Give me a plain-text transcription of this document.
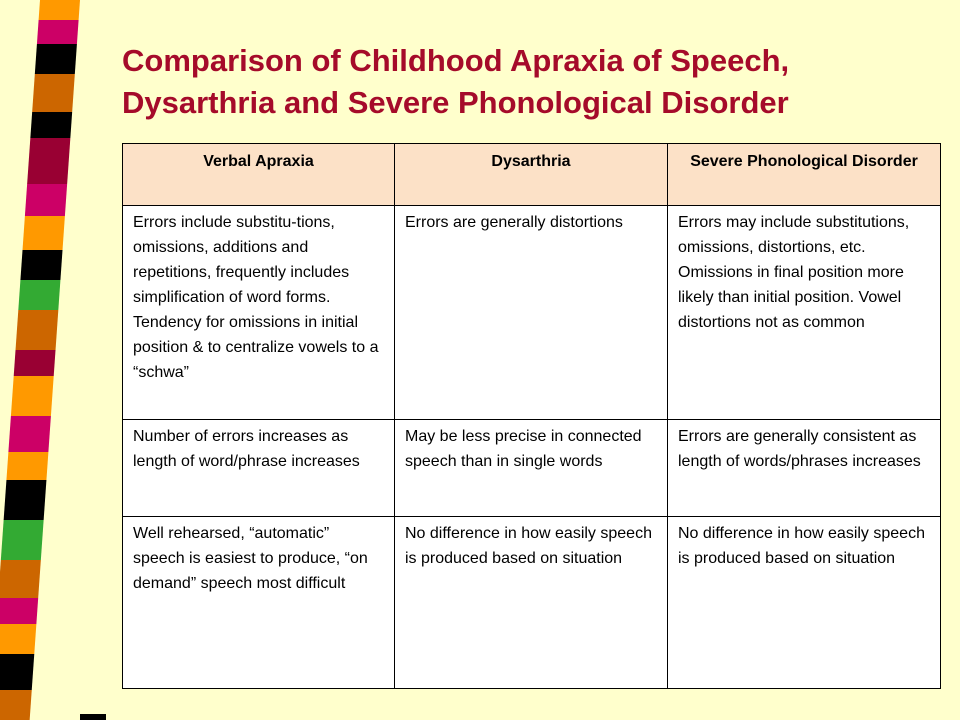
Comparison of Childhood Apraxia of Speech,
Dysarthria and Severe Phonological Disorder
Verbal Apraxia	Dysarthria	Severe Phonological Disorder
Errors include substitu-tions, omissions, additions and repetitions, frequently includes simplification of word forms. Tendency for omissions in initial position & to centralize vowels to a “schwa”	Errors are generally distortions	Errors may include substitutions, omissions, distortions, etc. Omissions in final position more likely than initial position. Vowel distortions not as common
Number of errors increases as length of word/phrase increases	May be less precise in connected speech than in single words	Errors are generally consistent as length of words/phrases increases
Well rehearsed, “automatic” speech is easiest to produce, “on demand” speech most difficult	No difference in how easily speech is produced based on situation	No difference in how easily speech is produced based on situation
